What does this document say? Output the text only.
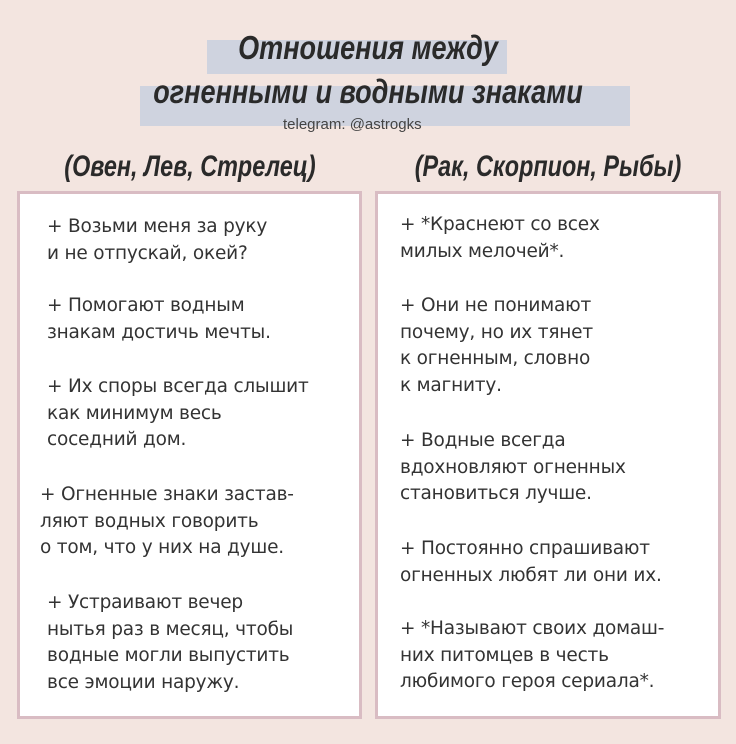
Отношения между
огненными и водными знаками
telegram: @astrogks
(Овен, Лев, Стрелец)	(Рак, Скорпион, Рыбы)

+ Возьми меня за руку
и не отпускай, окей?

+ Помогают водным
знакам достичь мечты.

+ Их споры всегда слышит
как минимум весь
соседний дом.

+ Огненные знаки застав-
ляют водных говорить
о том, что у них на душе.

+ Устраивают вечер
нытья раз в месяц, чтобы
водные могли выпустить
все эмоции наружу.

+ *Краснеют со всех
милых мелочей*.

+ Они не понимают
почему, но их тянет
к огненным, словно
к магниту.

+ Водные всегда
вдохновляют огненных
становиться лучше.

+ Постоянно спрашивают
огненных любят ли они их.

+ *Называют своих домаш-
них питомцев в честь
любимого героя сериала*.
